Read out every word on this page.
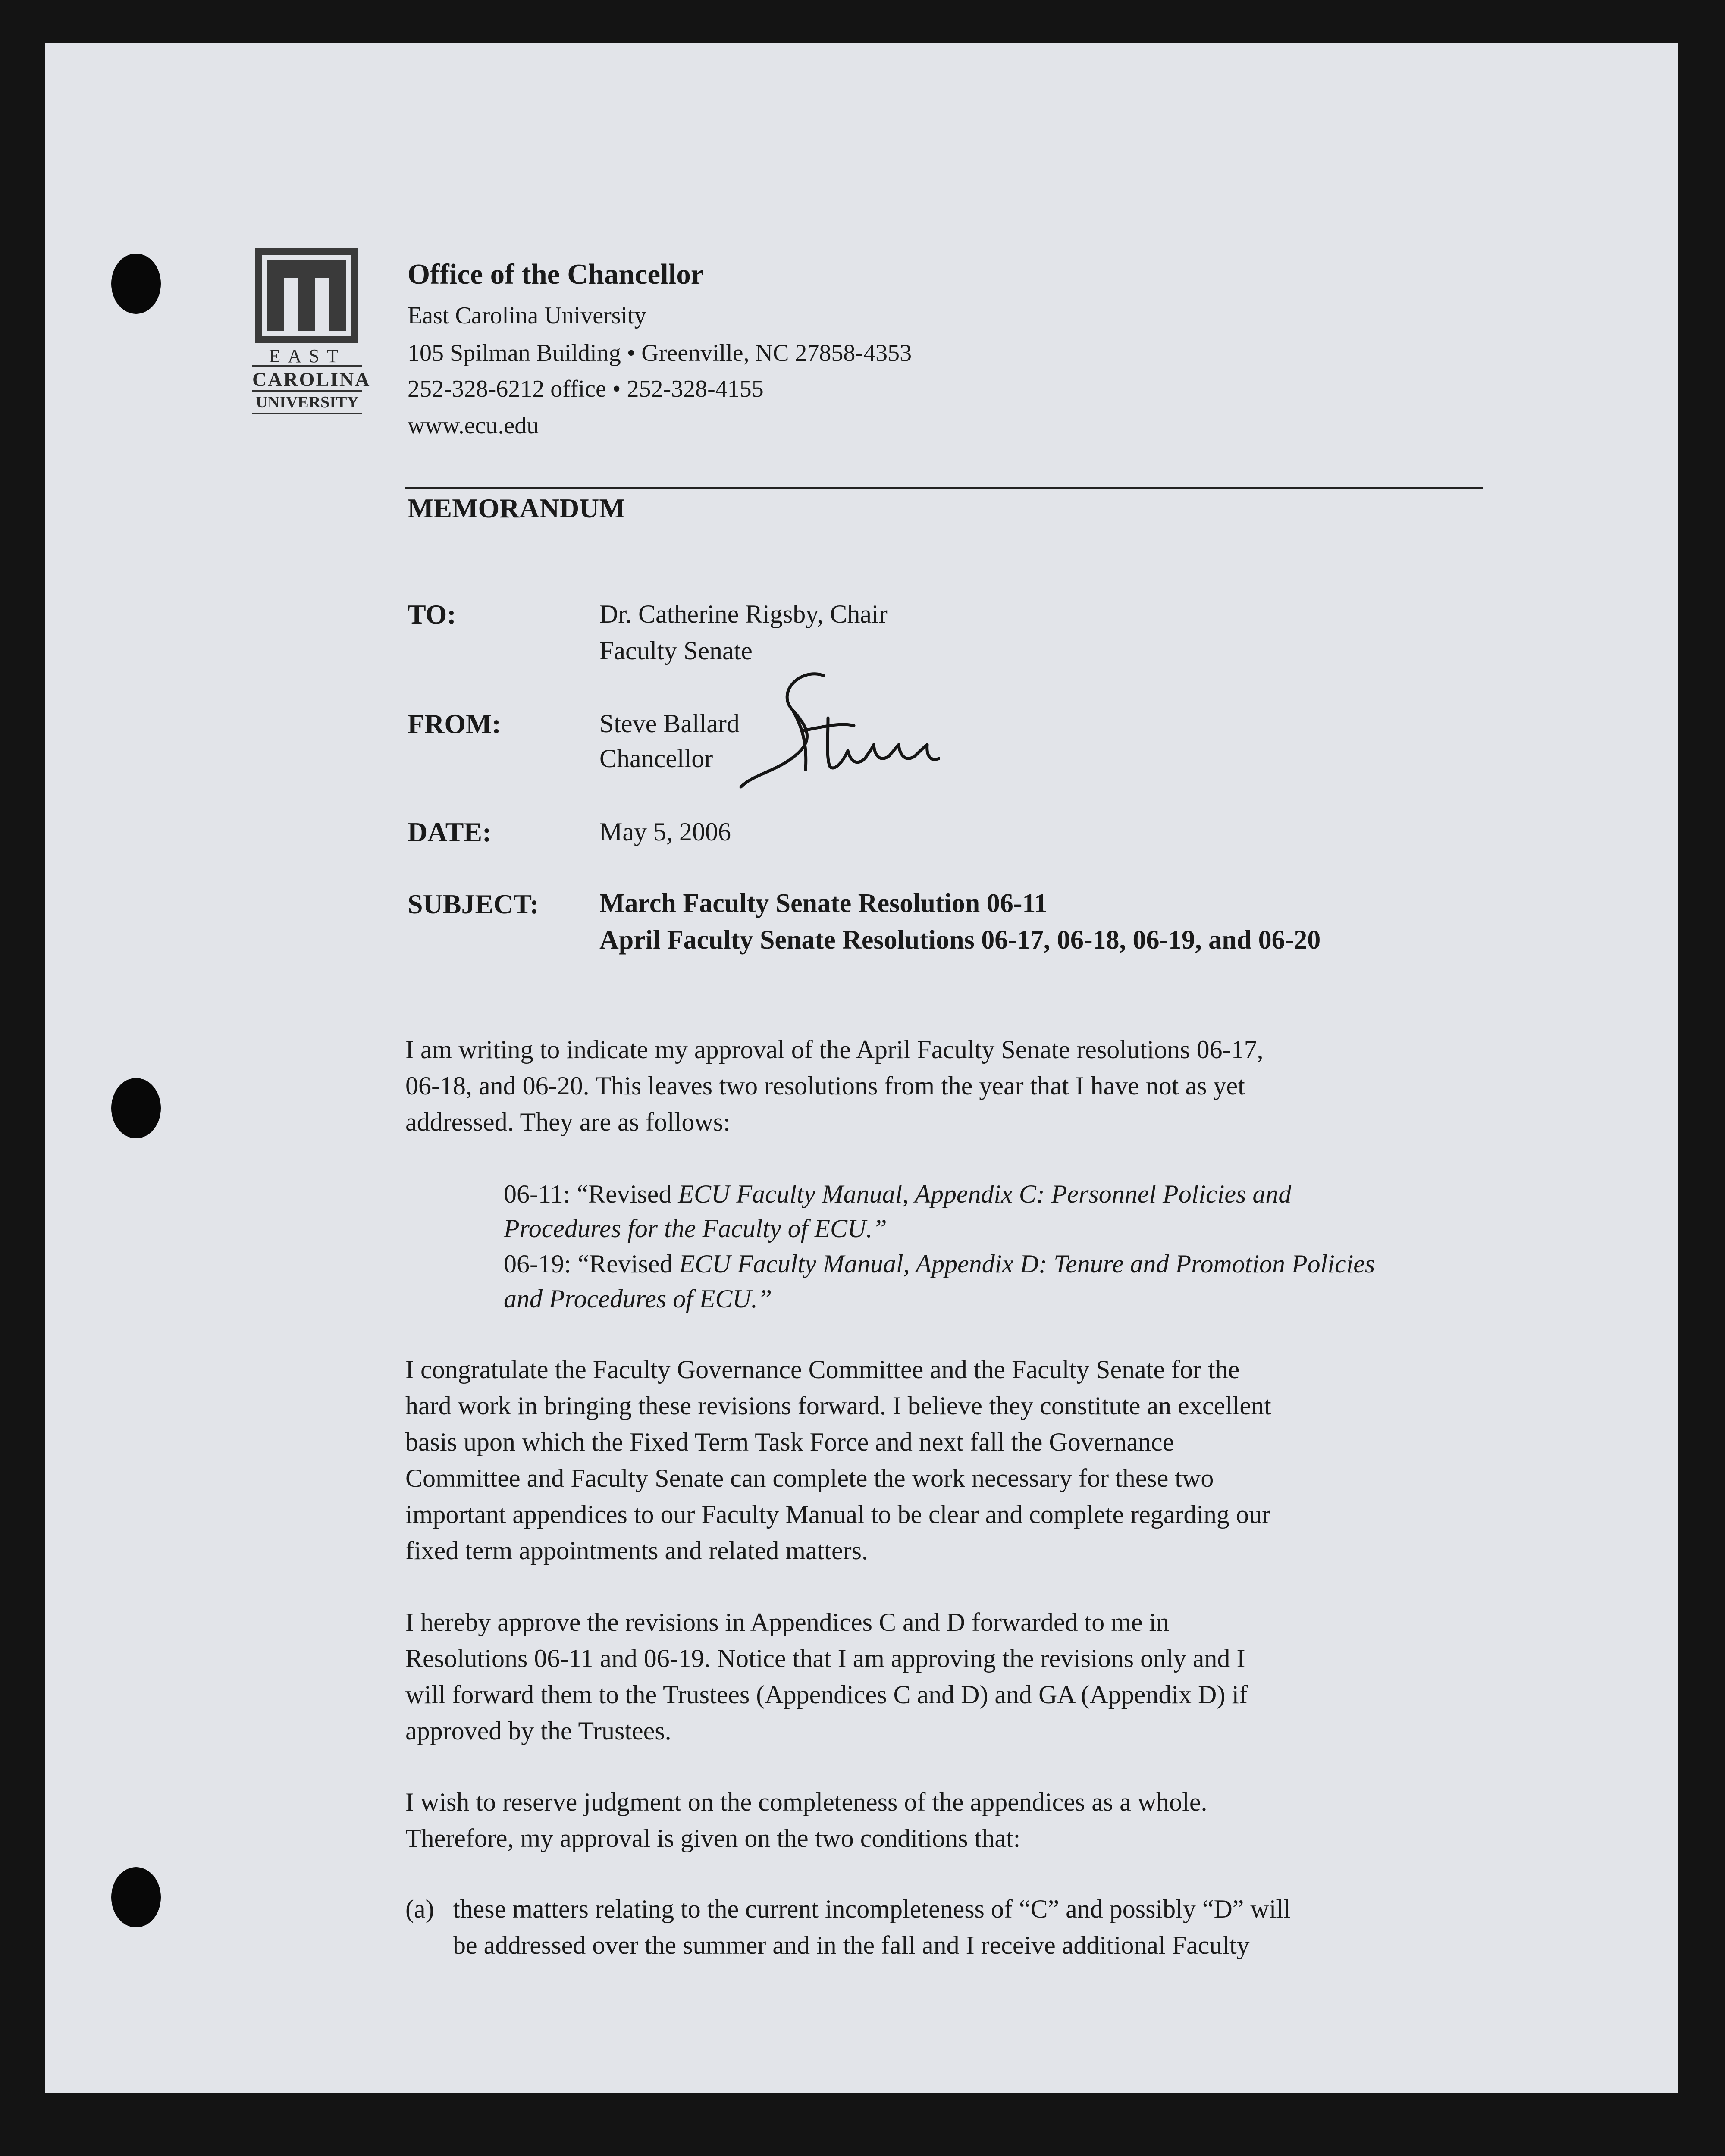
EAST
CAROLINA
UNIVERSITY
Office of the Chancellor
East Carolina University
105 Spilman Building • Greenville, NC 27858-4353
252-328-6212 office • 252-328-4155
www.ecu.edu
MEMORANDUM
TO:	Dr. Catherine Rigsby, Chair
Faculty Senate
FROM:	Steve Ballard
Chancellor
DATE:	May 5, 2006
SUBJECT: March Faculty Senate Resolution 06-11
April Faculty Senate Resolutions 06-17, 06-18, 06-19, and 06-20
I am writing to indicate my approval of the April Faculty Senate resolutions 06-17,
06-18, and 06-20. This leaves two resolutions from the year that I have not as yet
addressed. They are as follows:
06-11: “Revised ECU Faculty Manual, Appendix C: Personnel Policies and
Procedures for the Faculty of ECU.”
06-19: “Revised ECU Faculty Manual, Appendix D: Tenure and Promotion Policies
and Procedures of ECU.”
I congratulate the Faculty Governance Committee and the Faculty Senate for the
hard work in bringing these revisions forward. I believe they constitute an excellent
basis upon which the Fixed Term Task Force and next fall the Governance
Committee and Faculty Senate can complete the work necessary for these two
important appendices to our Faculty Manual to be clear and complete regarding our
fixed term appointments and related matters.
I hereby approve the revisions in Appendices C and D forwarded to me in
Resolutions 06-11 and 06-19. Notice that I am approving the revisions only and I
will forward them to the Trustees (Appendices C and D) and GA (Appendix D) if
approved by the Trustees.
I wish to reserve judgment on the completeness of the appendices as a whole.
Therefore, my approval is given on the two conditions that:
(a) these matters relating to the current incompleteness of “C” and possibly “D” will
be addressed over the summer and in the fall and I receive additional Faculty
